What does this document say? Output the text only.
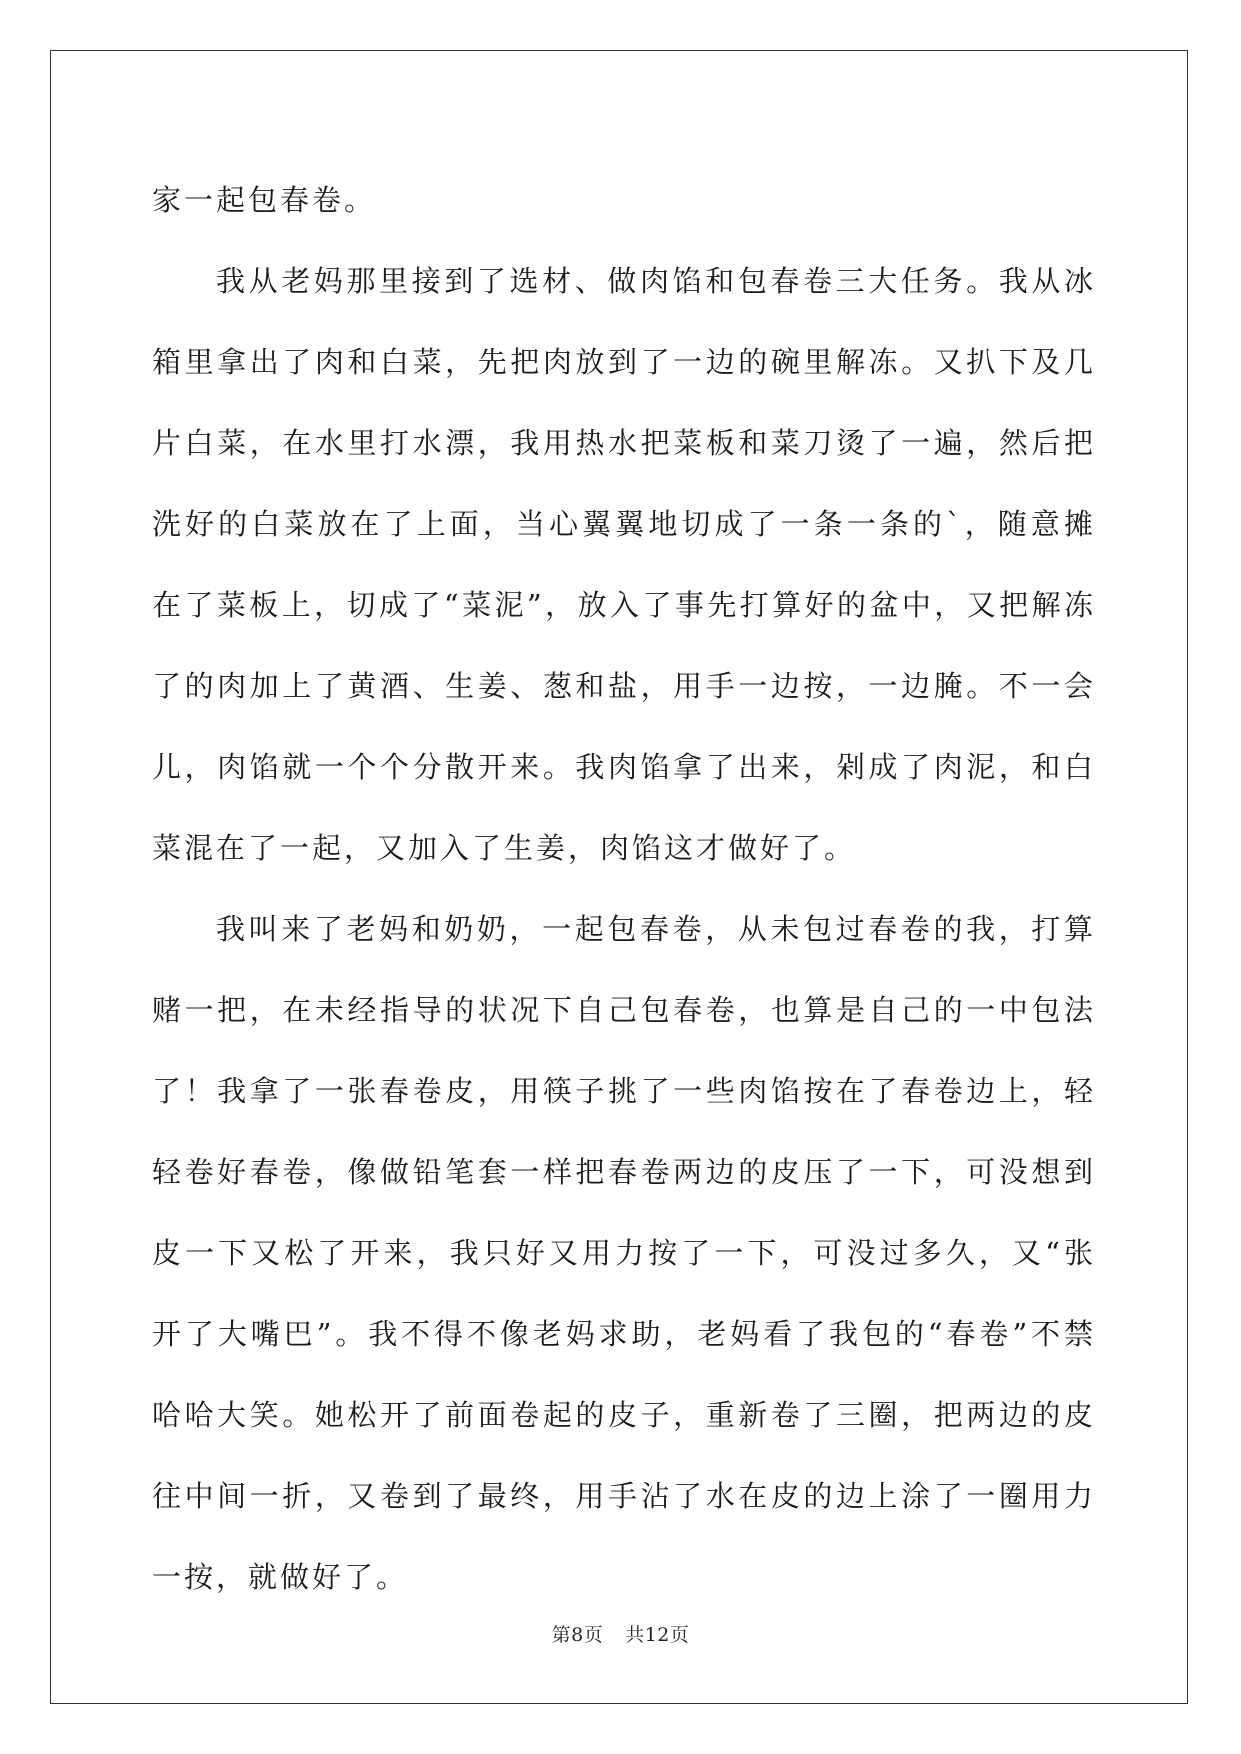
家一起包春卷。

我从老妈那里接到了选材、做肉馅和包春卷三大任务。我从冰箱里拿出了肉和白菜，先把肉放到了一边的碗里解冻。又扒下及几片白菜，在水里打水漂，我用热水把菜板和菜刀烫了一遍，然后把洗好的白菜放在了上面，当心翼翼地切成了一条一条的`，随意摊在了菜板上，切成了“菜泥”，放入了事先打算好的盆中，又把解冻了的肉加上了黄酒、生姜、葱和盐，用手一边按，一边腌。不一会儿，肉馅就一个个分散开来。我肉馅拿了出来，剁成了肉泥，和白菜混在了一起，又加入了生姜，肉馅这才做好了。

我叫来了老妈和奶奶，一起包春卷，从未包过春卷的我，打算赌一把，在未经指导的状况下自己包春卷，也算是自己的一中包法了！我拿了一张春卷皮，用筷子挑了一些肉馅按在了春卷边上，轻轻卷好春卷，像做铅笔套一样把春卷两边的皮压了一下，可没想到皮一下又松了开来，我只好又用力按了一下，可没过多久，又“张开了大嘴巴”。我不得不像老妈求助，老妈看了我包的“春卷”不禁哈哈大笑。她松开了前面卷起的皮子，重新卷了三圈，把两边的皮往中间一折，又卷到了最终，用手沾了水在皮的边上涂了一圈用力一按，就做好了。

第8页 共12页
